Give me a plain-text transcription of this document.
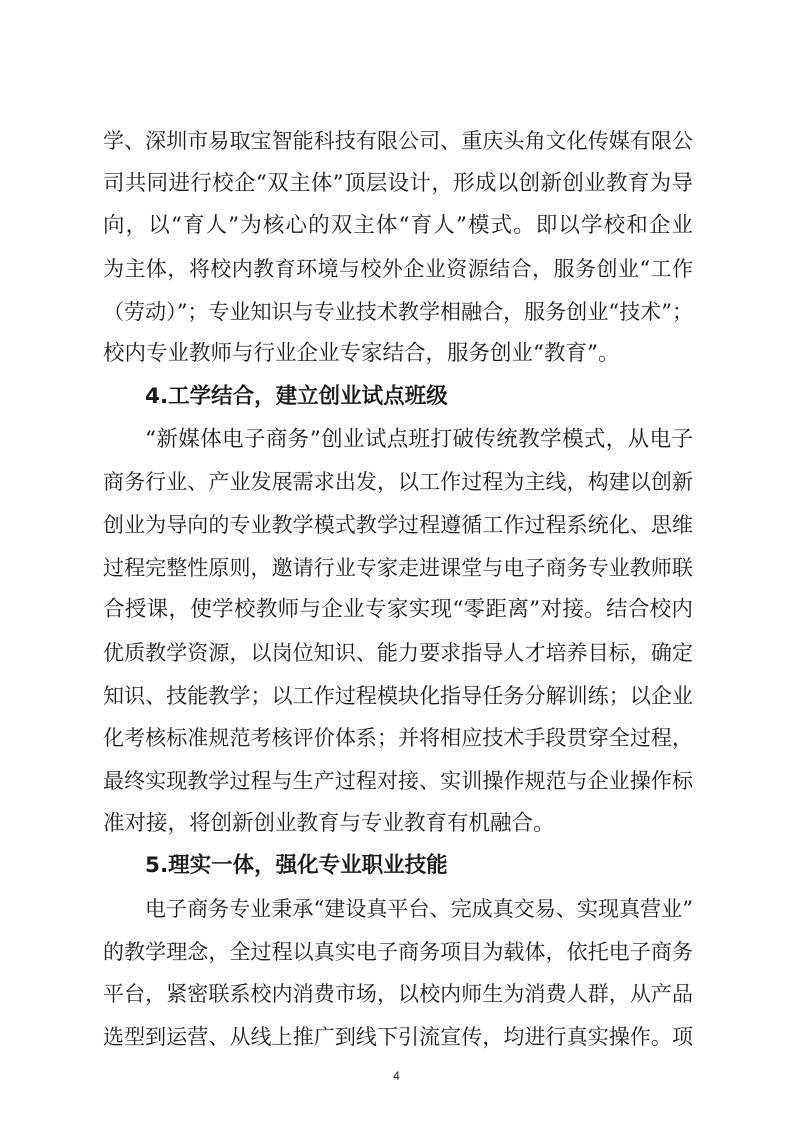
学、深圳市易取宝智能科技有限公司、重庆头角文化传媒有限公
司共同进行校企“双主体”顶层设计，形成以创新创业教育为导
向，以“育人”为核心的双主体“育人”模式。即以学校和企业
为主体，将校内教育环境与校外企业资源结合，服务创业“工作
（劳动）”；专业知识与专业技术教学相融合，服务创业“技术”；
校内专业教师与行业企业专家结合，服务创业“教育”。
4.工学结合，建立创业试点班级
“新媒体电子商务”创业试点班打破传统教学模式，从电子
商务行业、产业发展需求出发，以工作过程为主线，构建以创新
创业为导向的专业教学模式教学过程遵循工作过程系统化、思维
过程完整性原则，邀请行业专家走进课堂与电子商务专业教师联
合授课，使学校教师与企业专家实现“零距离”对接。结合校内
优质教学资源，以岗位知识、能力要求指导人才培养目标，确定
知识、技能教学；以工作过程模块化指导任务分解训练；以企业
化考核标准规范考核评价体系；并将相应技术手段贯穿全过程，
最终实现教学过程与生产过程对接、实训操作规范与企业操作标
准对接，将创新创业教育与专业教育有机融合。
5.理实一体，强化专业职业技能
电子商务专业秉承“建设真平台、完成真交易、实现真营业”
的教学理念，全过程以真实电子商务项目为载体，依托电子商务
平台，紧密联系校内消费市场，以校内师生为消费人群，从产品
选型到运营、从线上推广到线下引流宣传，均进行真实操作。项
4
